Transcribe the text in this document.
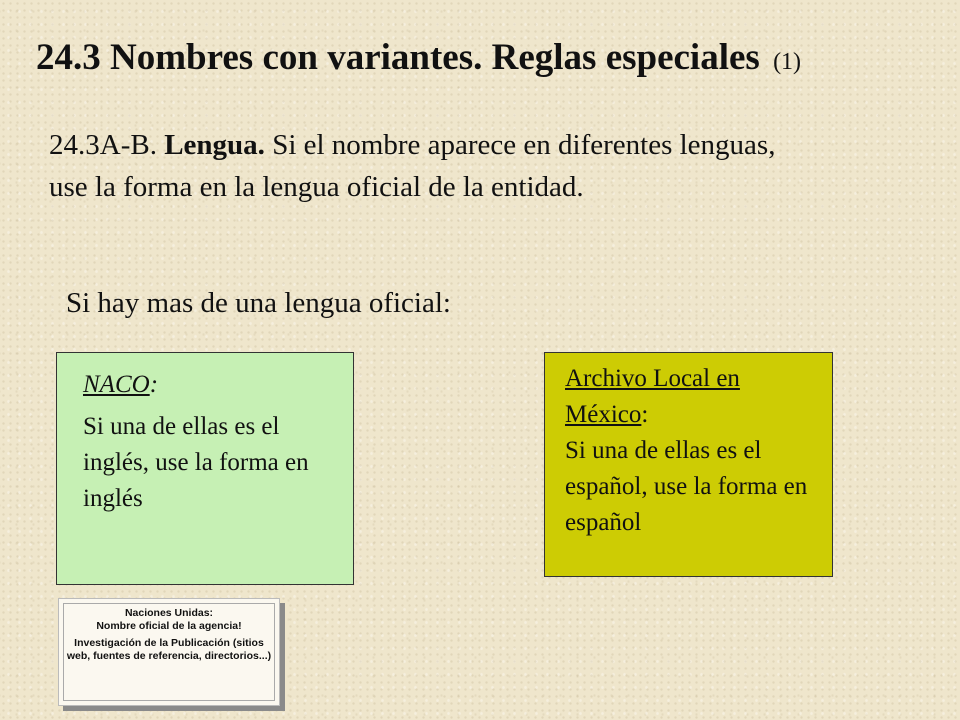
24.3 Nombres con variantes. Reglas especiales (1)

24.3A-B. Lengua. Si el nombre aparece en diferentes lenguas, use la forma en la lengua oficial de la entidad.

Si hay mas de una lengua oficial:

NACO:

Si una de ellas es el inglés, use la forma en inglés

Archivo Local en México:

Si una de ellas es el español, use la forma en español

Naciones Unidas:
Nombre oficial de la agencia!
Investigación de la Publicación (sitios web, fuentes de referencia, directorios...)
